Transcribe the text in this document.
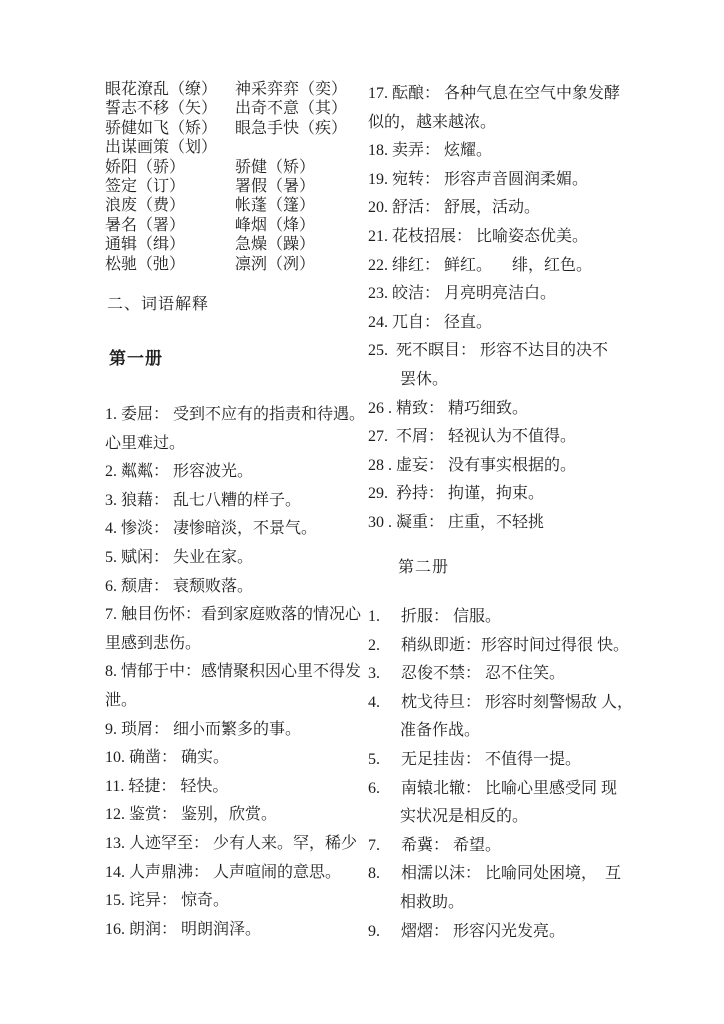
眼花潦乱（缭） 神采弈弈（奕）
誓志不移（矢） 出奇不意（其）
骄健如飞（矫） 眼急手快（疾）
出谋画策（划）
娇阳（骄）	骄健（矫）
签定（订）	署假（暑）
浪废（费）	帐蓬（篷）
暑名（署）	峰烟（烽）
通辑（缉）	急燥（躁）
松驰（弛）	凛洌（冽）
二、词语解释
第一册
1. 委屈： 受到不应有的指责和待遇。
心里难过。
2. 粼粼： 形容波光。
3. 狼藉： 乱七八糟的样子。
4. 惨淡： 凄惨暗淡，不景气。
5. 赋闲： 失业在家。
6. 颓唐： 衰颓败落。
7. 触目伤怀：看到家庭败落的情况心
里感到悲伤。
8. 情郁于中：感情聚积因心里不得发
泄。
9. 琐屑： 细小而繁多的事。
10. 确凿： 确实。
11. 轻捷： 轻快。
12. 鉴赏： 鉴别，欣赏。
13. 人迹罕至： 少有人来。罕，稀少
14. 人声鼎沸： 人声喧闹的意思。
15. 诧异： 惊奇。
16. 朗润： 明朗润泽。
17. 酝酿： 各种气息在空气中象发酵
似的，越来越浓。
18. 卖弄： 炫耀。
19. 宛转： 形容声音圆润柔媚。
20. 舒活： 舒展，活动。
21. 花枝招展： 比喻姿态优美。
22. 绯红： 鲜红。     绯，红色。
23. 皎洁： 月亮明亮洁白。
24. 兀自： 径直。
25.  死不瞑目： 形容不达目的决不
罢休。
26 . 精致： 精巧细致。
27.  不屑： 轻视认为不值得。
28 . 虚妄： 没有事实根据的。
29.  矜持： 拘谨，拘束。
30 . 凝重： 庄重，不轻挑
第二册
1. 折服： 信服。
2. 稍纵即逝：形容时间过得很 快。
3. 忍俊不禁： 忍不住笑。
4. 枕戈待旦： 形容时刻警惕敌 人，
准备作战。
5. 无足挂齿： 不值得一提。
6. 南辕北辙： 比喻心里感受同 现
实状况是相反的。
7. 希冀： 希望。
8. 相濡以沫： 比喻同处困境，  互
相救助。
9. 熠熠： 形容闪光发亮。
